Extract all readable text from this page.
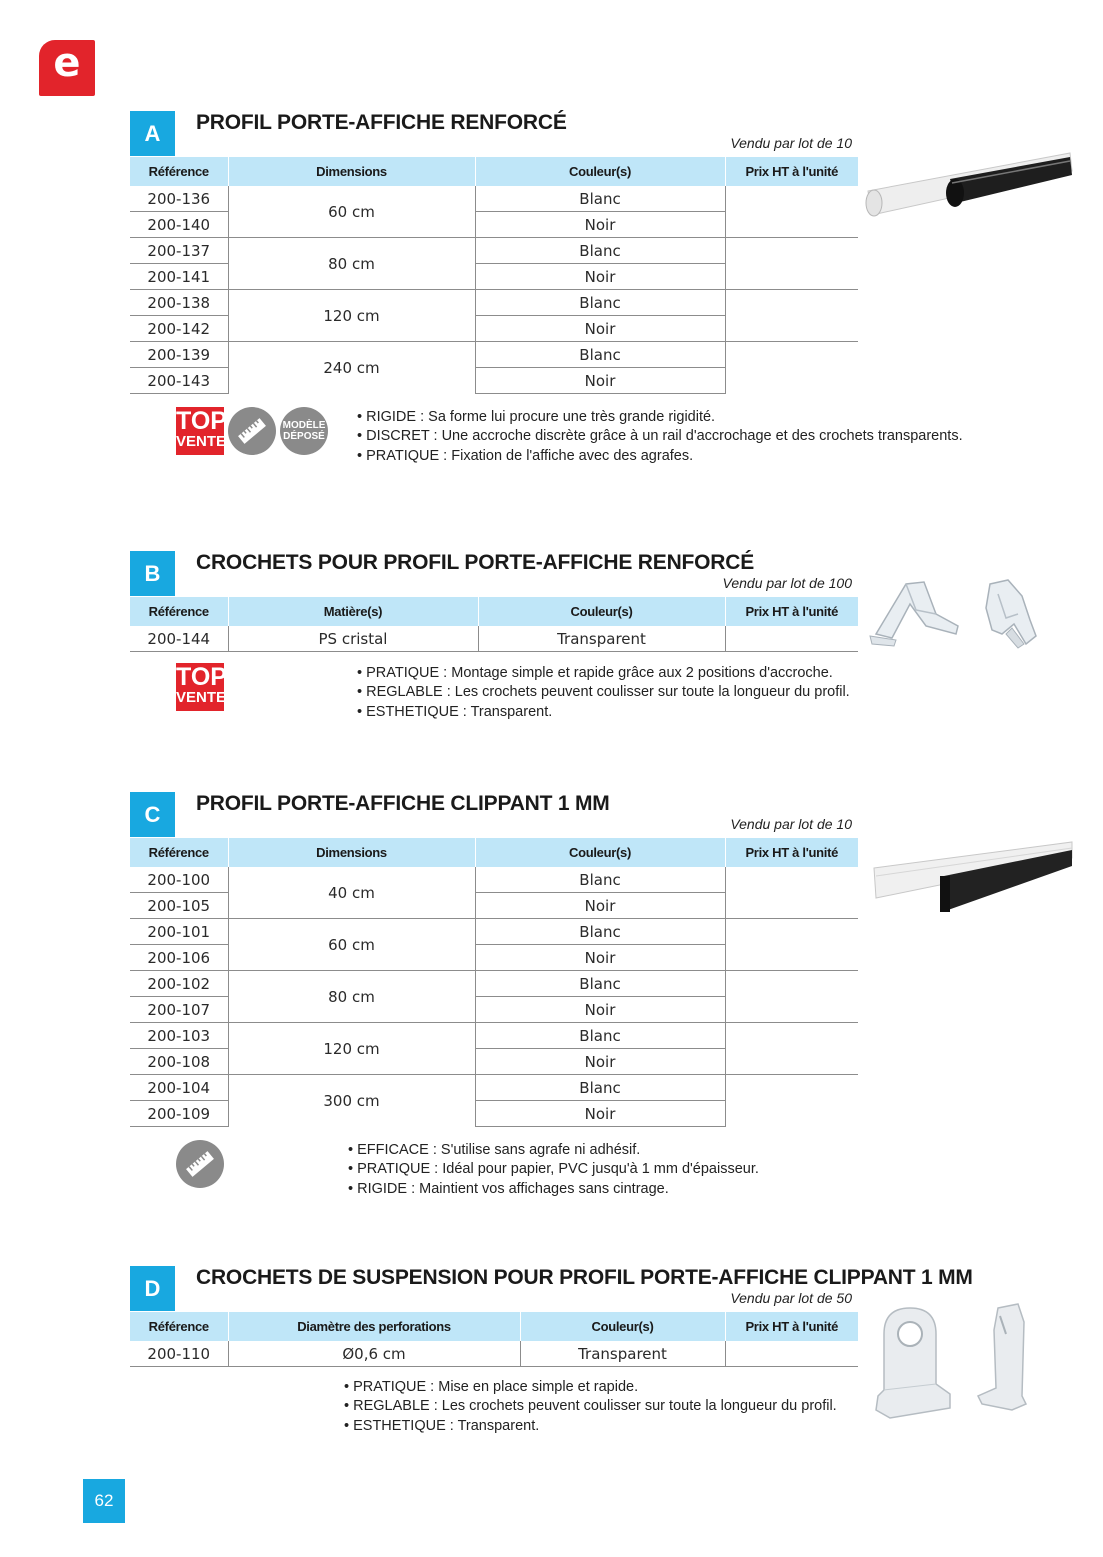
e
A	PROFIL PORTE-AFFICHE RENFORCÉ
Vendu par lot de 10
Référence	Dimensions	Couleur(s)	Prix HT à l'unité
200-136	60 cm	Blanc	
200-140		Noir	
200-137	80 cm	Blanc	
200-141		Noir	
200-138	120 cm	Blanc	
200-142		Noir	
200-139	240 cm	Blanc	
200-143		Noir	
TOP
VENTE
MODÈLE
DÉPOSÉ
• RIGIDE : Sa forme lui procure une très grande rigidité.
• DISCRET : Une accroche discrète grâce à un rail d'accrochage et des crochets transparents.
• PRATIQUE : Fixation de l'affiche avec des agrafes.
B	CROCHETS POUR PROFIL PORTE-AFFICHE RENFORCÉ
Vendu par lot de 100
Référence	Matière(s)	Couleur(s)	Prix HT à l'unité
200-144	PS cristal	Transparent	
TOP
VENTE
• PRATIQUE : Montage simple et rapide grâce aux 2 positions d'accroche.
• REGLABLE : Les crochets peuvent coulisser sur toute la longueur du profil.
• ESTHETIQUE : Transparent.
C	PROFIL PORTE-AFFICHE CLIPPANT 1 MM
Vendu par lot de 10
Référence	Dimensions	Couleur(s)	Prix HT à l'unité
200-100	40 cm	Blanc	
200-105		Noir	
200-101	60 cm	Blanc	
200-106		Noir	
200-102	80 cm	Blanc	
200-107		Noir	
200-103	120 cm	Blanc	
200-108		Noir	
200-104	300 cm	Blanc	
200-109		Noir	
• EFFICACE : S'utilise sans agrafe ni adhésif.
• PRATIQUE : Idéal pour papier, PVC jusqu'à 1 mm d'épaisseur.
• RIGIDE : Maintient vos affichages sans cintrage.
D	CROCHETS DE SUSPENSION POUR PROFIL PORTE-AFFICHE CLIPPANT 1 MM
Vendu par lot de 50
Référence	Diamètre des perforations	Couleur(s)	Prix HT à l'unité
200-110	Ø0,6 cm	Transparent	
• PRATIQUE : Mise en place simple et rapide.
• REGLABLE : Les crochets peuvent coulisser sur toute la longueur du profil.
• ESTHETIQUE : Transparent.
62
